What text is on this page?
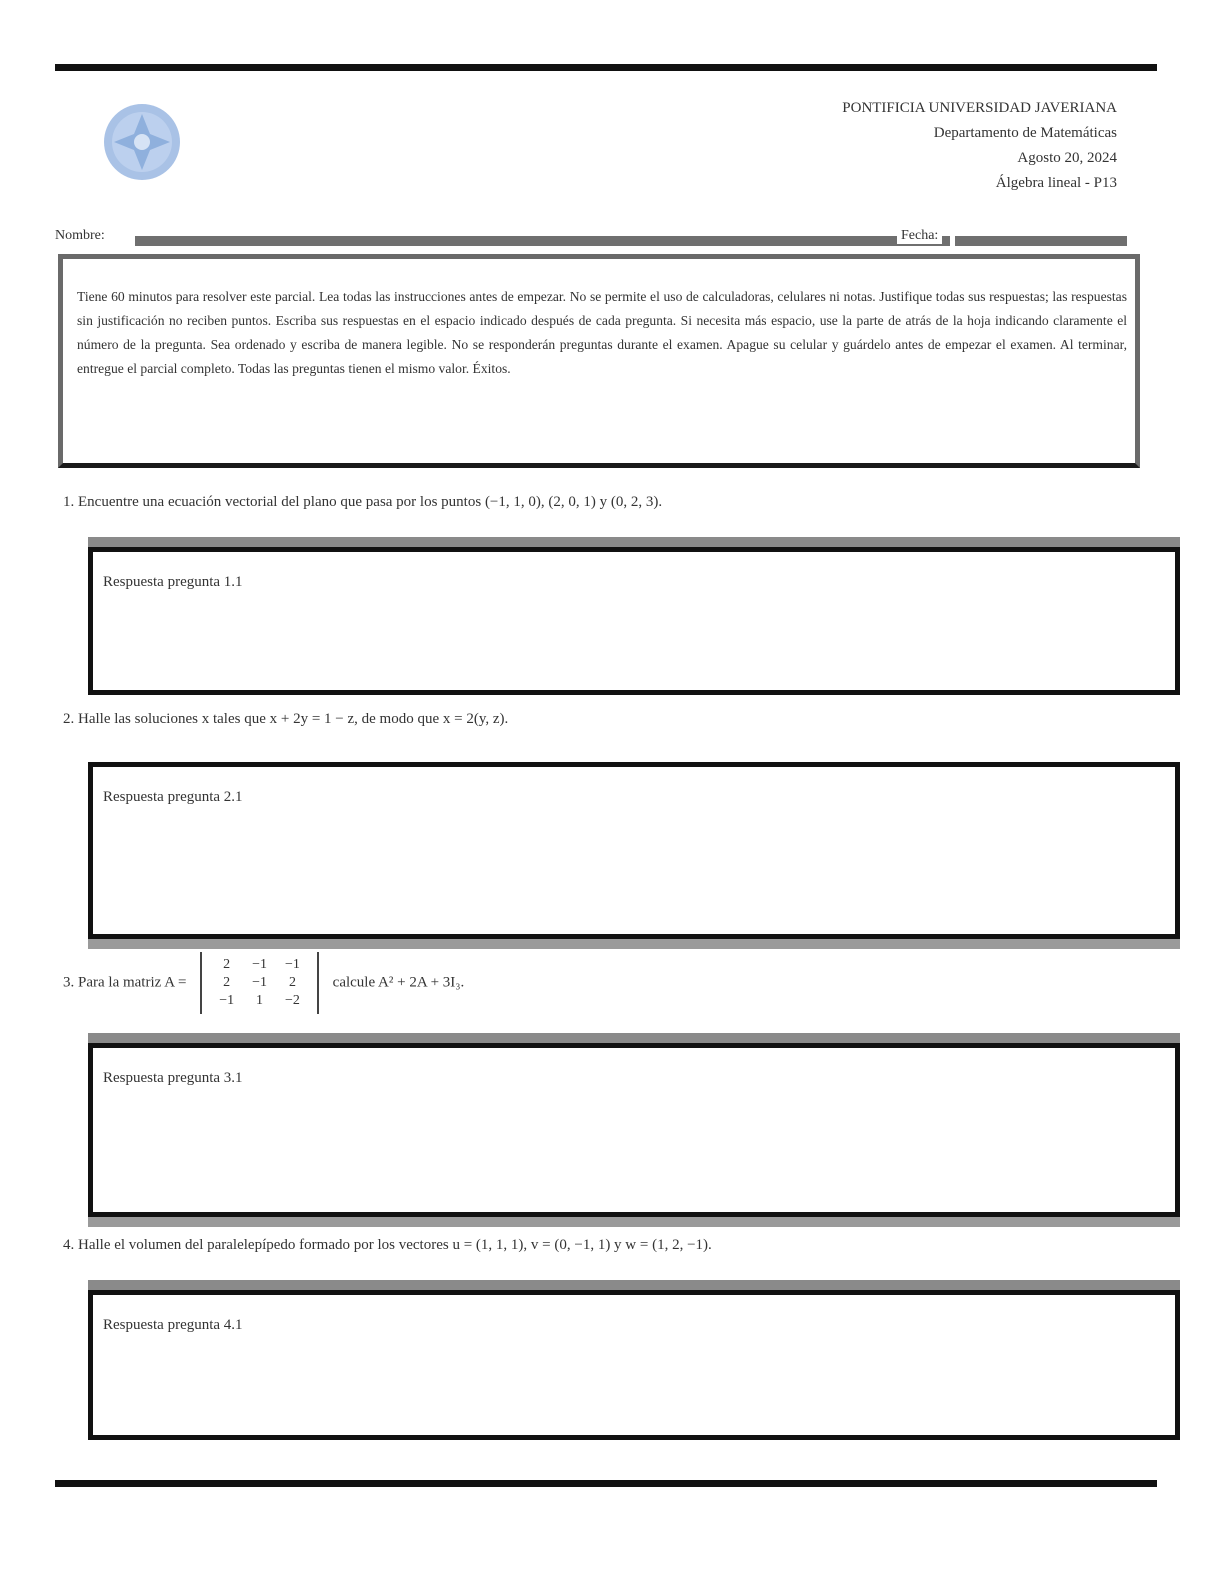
PONTIFICIA UNIVERSIDAD JAVERIANA
Departamento de Matemáticas
Agosto 20, 2024
Álgebra lineal - P13
Nombre:	Fecha:
Tiene 60 minutos para resolver este parcial. Lea todas las instrucciones antes de empezar. No se permite el uso de calculadoras, celulares ni notas. Justifique todas sus respuestas; las respuestas sin justificación no reciben puntos. Escriba sus respuestas en el espacio indicado después de cada pregunta. Si necesita más espacio, use la parte de atrás de la hoja indicando claramente el número de la pregunta. Sea ordenado y escriba de manera legible. No se responderán preguntas durante el examen. Apague su celular y guárdelo antes de empezar el examen. Al terminar, entregue el parcial completo. Todas las preguntas tienen el mismo valor. Éxitos.
1. Encuentre una ecuación vectorial del plano que pasa por los puntos (−1, 1, 0), (2, 0, 1) y (0, 2, 3).
Respuesta pregunta 1.1
2. Halle las soluciones x tales que x + 2y = 1 − z, de modo que x = 2(y, z).
Respuesta pregunta 2.1
3. Para la matriz A =
2	−1	−1
2	−1	2
−1	1	−2
calcule A² + 2A + 3I₃.
Respuesta pregunta 3.1
4. Halle el volumen del paralelepípedo formado por los vectores u = (1, 1, 1), v = (0, −1, 1) y w = (1, 2, −1).
Respuesta pregunta 4.1
